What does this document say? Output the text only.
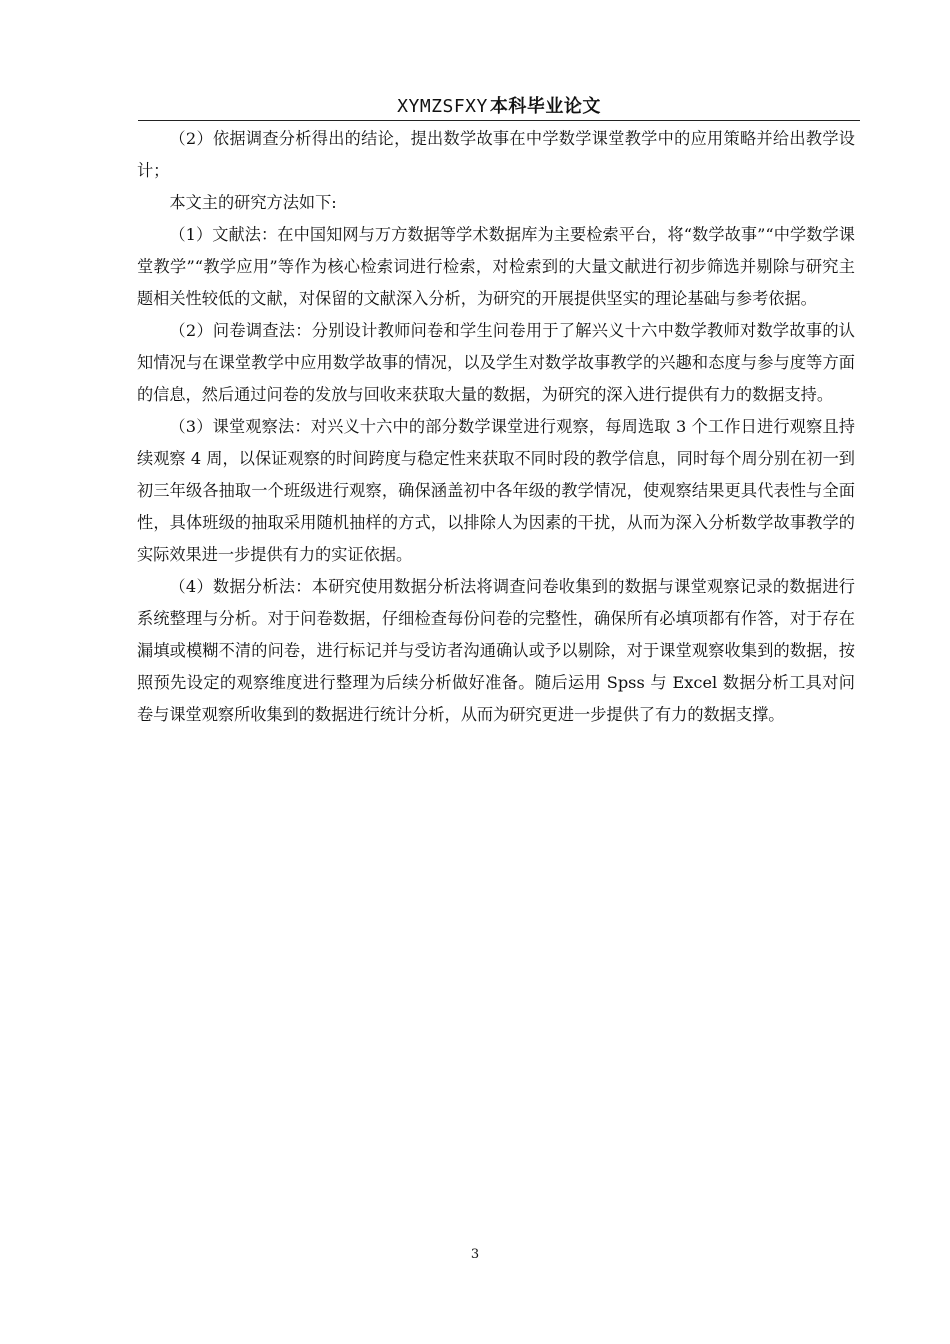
XYMZSFXY 本科毕业论文

（2）依据调查分析得出的结论，提出数学故事在中学数学课堂教学中的应用策略并给出教学设计；

本文主的研究方法如下:

（1）文献法：在中国知网与万方数据等学术数据库为主要检索平台，将“数学故事”“中学数学课堂教学”“教学应用”等作为核心检索词进行检索，对检索到的大量文献进行初步筛选并剔除与研究主题相关性较低的文献，对保留的文献深入分析，为研究的开展提供坚实的理论基础与参考依据。

（2）问卷调查法：分别设计教师问卷和学生问卷用于了解兴义十六中数学教师对数学故事的认知情况与在课堂教学中应用数学故事的情况，以及学生对数学故事教学的兴趣和态度与参与度等方面的信息，然后通过问卷的发放与回收来获取大量的数据，为研究的深入进行提供有力的数据支持。

（3）课堂观察法：对兴义十六中的部分数学课堂进行观察，每周选取 3 个工作日进行观察且持续观察 4 周，以保证观察的时间跨度与稳定性来获取不同时段的教学信息，同时每个周分别在初一到初三年级各抽取一个班级进行观察，确保涵盖初中各年级的教学情况，使观察结果更具代表性与全面性，具体班级的抽取采用随机抽样的方式，以排除人为因素的干扰，从而为深入分析数学故事教学的实际效果进一步提供有力的实证依据。

（4）数据分析法：本研究使用数据分析法将调查问卷收集到的数据与课堂观察记录的数据进行系统整理与分析。对于问卷数据，仔细检查每份问卷的完整性，确保所有必填项都有作答，对于存在漏填或模糊不清的问卷，进行标记并与受访者沟通确认或予以剔除，对于课堂观察收集到的数据，按照预先设定的观察维度进行整理为后续分析做好准备。随后运用 Spss 与 Excel 数据分析工具对问卷与课堂观察所收集到的数据进行统计分析，从而为研究更进一步提供了有力的数据支撑。

3
